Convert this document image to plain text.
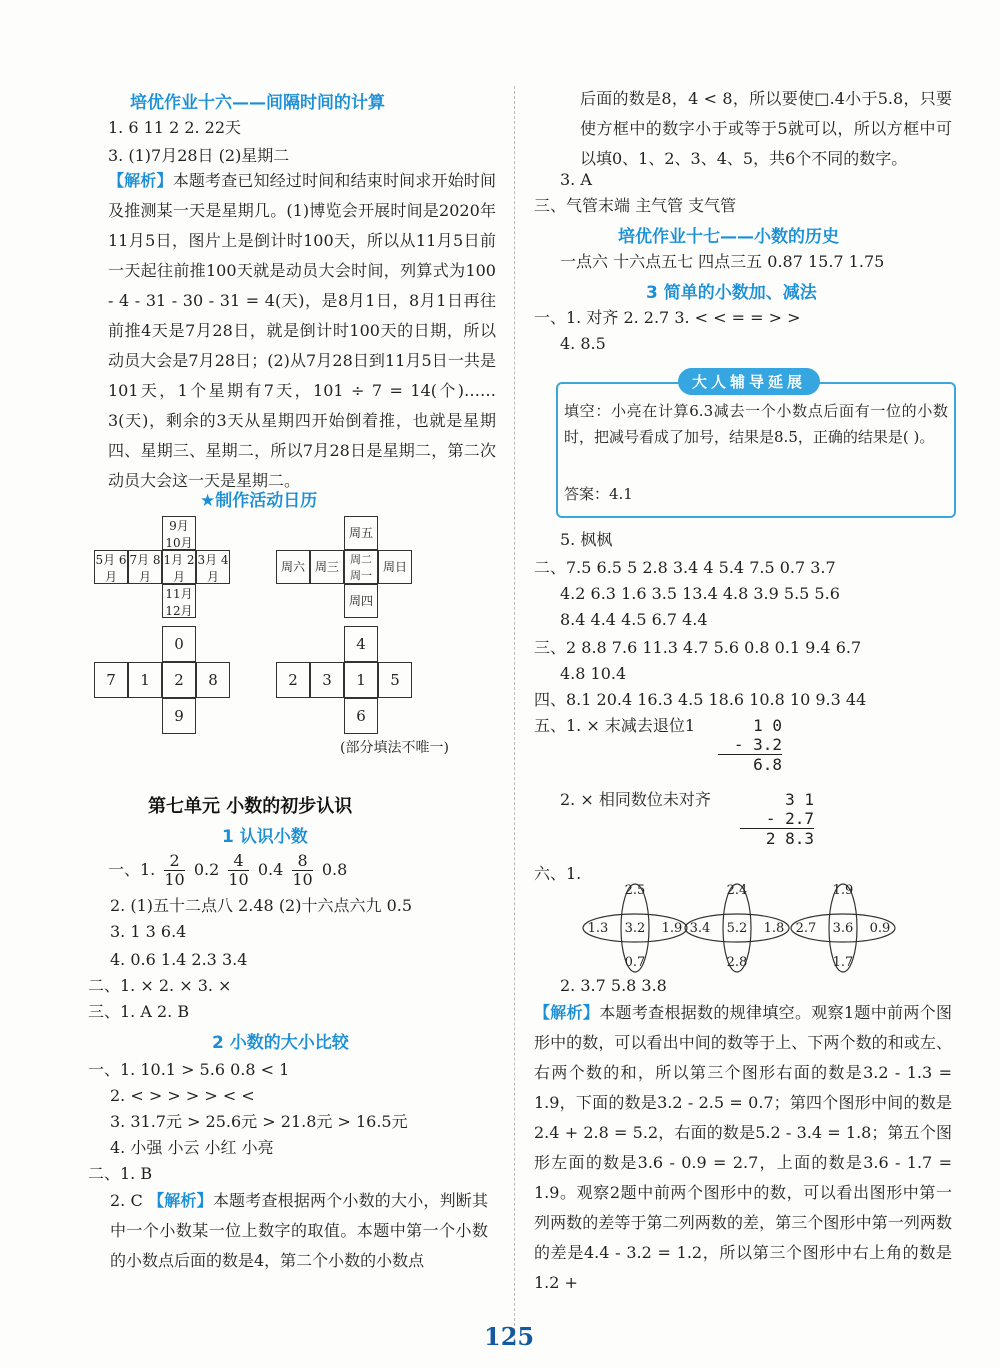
培优作业十六——间隔时间的计算
1. 6 11 2 2. 22天
3. (1)7月28日 (2)星期二
【解析】本题考查已知经过时间和结束时间求开始时间及推测某一天是星期几。(1)博览会开展时间是2020年11月5日，图片上是倒计时100天，所以从11月5日前一天起往前推100天就是动员大会时间，列算式为100 - 4 - 31 - 30 - 31 = 4(天)，是8月1日，8月1日再往前推4天是7月28日，就是倒计时100天的日期，所以动员大会是7月28日；(2)从7月28日到11月5日一共是101天，1个星期有7天，101 ÷ 7 = 14(个)……3(天)，剩余的3天从星期四开始倒着推，也就是星期四、星期三、星期二，所以7月28日是星期二，第二次动员大会这一天是星期二。
★制作活动日历
9月 10月
5月 6月
7月 8月
1月 2月
3月 4月
11月 12月
周五
周六 周三
周二 周一
周日
周四
0
7	1	2	8
9
4
2	3	1	5
6
(部分填法不唯一)
第七单元 小数的初步认识
1 认识小数
一、1. $\frac{2}{10} 0.2 \frac{4}{10} 0.4 \frac{8}{10} 0.8$
2. (1)五十二点八 2.48 (2)十六点六九 0.5
3. 1 3 6.4
4. 0.6 1.4 2.3 3.4
二、1. × 2. × 3. ×
三、1. A 2. B
2 小数的大小比较
一、1. 10.1 > 5.6 0.8 < 1
2. < > > > > < <
3. 31.7元 > 25.6元 > 21.8元 > 16.5元
4. 小强 小云 小红 小亮
二、1. B
2. C 【解析】本题考查根据两个小数的大小，判断其中一个小数某一位上数字的取值。本题中第一个小数的小数点后面的数是4，第二个小数的小数点
后面的数是8，4 < 8，所以要使□.4小于5.8，只要使方框中的数字小于或等于5就可以，所以方框中可以填0、1、2、3、4、5，共6个不同的数字。
3. A
三、气管末端 主气管 支气管
培优作业十七——小数的历史
一点六 十六点五七 四点三五 0.87 15.7 1.75
3 简单的小数加、减法
一、1. 对齐 2. 2.7 3. < < = = > >
4. 8.5
大人辅导延展
填空：小亮在计算6.3减去一个小数点后面有一位的小数时，把减号看成了加号，结果是8.5，正确的结果是( )。
答案：4.1
5. 枫枫
二、7.5 6.5 5 2.8 3.4 4 5.4 7.5 0.7 3.7
4.2 6.3 1.6 3.5 13.4 4.8 3.9 5.5 5.6
8.4 4.4 4.5 6.7 4.4
三、2 8.8 7.6 11.3 4.7 5.6 0.8 0.1 9.4 6.7
4.8 10.4
四、8.1 20.4 16.3 4.5 18.6 10.8 10 9.3 44
五、1. × 末减去退位1	1 0
- 3.2
6.8
2. × 相同数位未对齐	3 1
- 2.7
2 8.3
六、1.
2.5
0.7
1.3	1.9
3.2
2.4
2.8
3.4	1.8
5.2
1.9
1.7
2.7	0.9
3.6
2. 3.7 5.8 3.8
【解析】本题考查根据数的规律填空。观察1题中前两个图形中的数，可以看出中间的数等于上、下两个数的和或左、右两个数的和，所以第三个图形右面的数是3.2 - 1.3 = 1.9，下面的数是3.2 - 2.5 = 0.7；第四个图形中间的数是2.4 + 2.8 = 5.2，右面的数是5.2 - 3.4 = 1.8；第五个图形左面的数是3.6 - 0.9 = 2.7，上面的数是3.6 - 1.7 = 1.9。观察2题中前两个图形中的数，可以看出图形中第一列两数的差等于第二列两数的差，第三个图形中第一列两数的差是4.4 - 3.2 = 1.2，所以第三个图形中右上角的数是1.2 +
125
